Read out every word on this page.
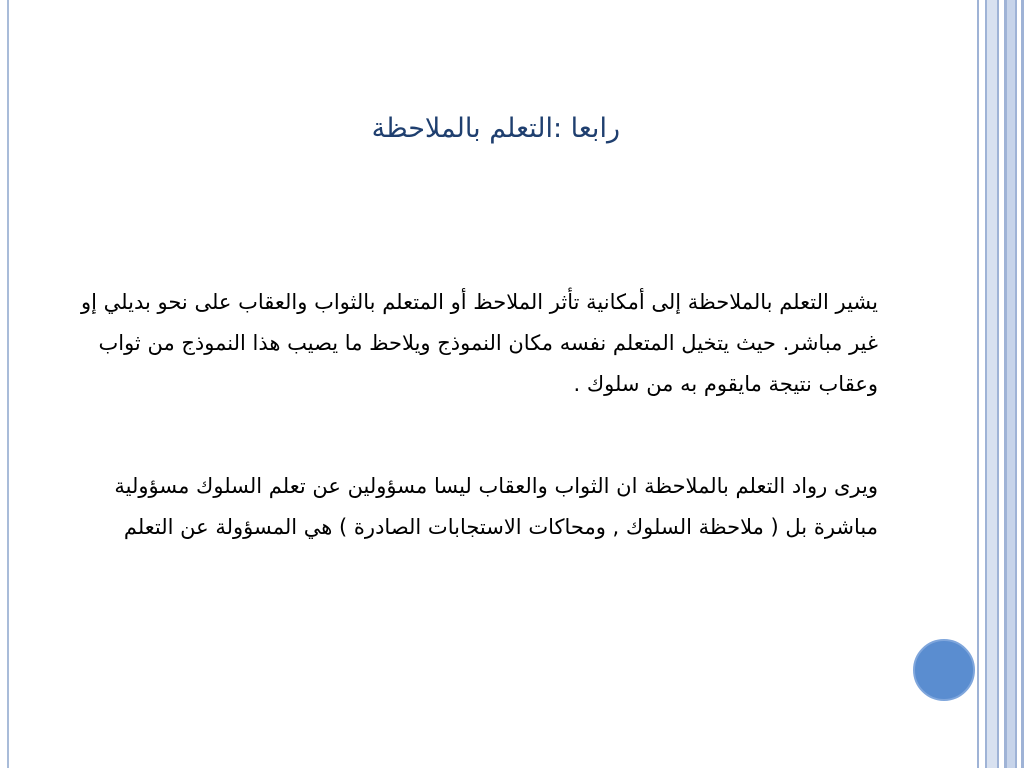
رابعا :التعلم بالملاحظة
يشير التعلم بالملاحظة إلى أمكانية تأثر الملاحظ أو المتعلم بالثواب والعقاب على نحو بديلي إو غير مباشر. حيث يتخيل المتعلم نفسه مكان النموذج ويلاحظ ما يصيب هذا النموذج من ثواب وعقاب نتيجة مايقوم به من سلوك .
ويرى رواد التعلم بالملاحظة ان الثواب والعقاب ليسا مسؤولين عن تعلم السلوك مسؤولية مباشرة بل ( ملاحظة السلوك , ومحاكات الاستجابات الصادرة ) هي المسؤولة عن التعلم
